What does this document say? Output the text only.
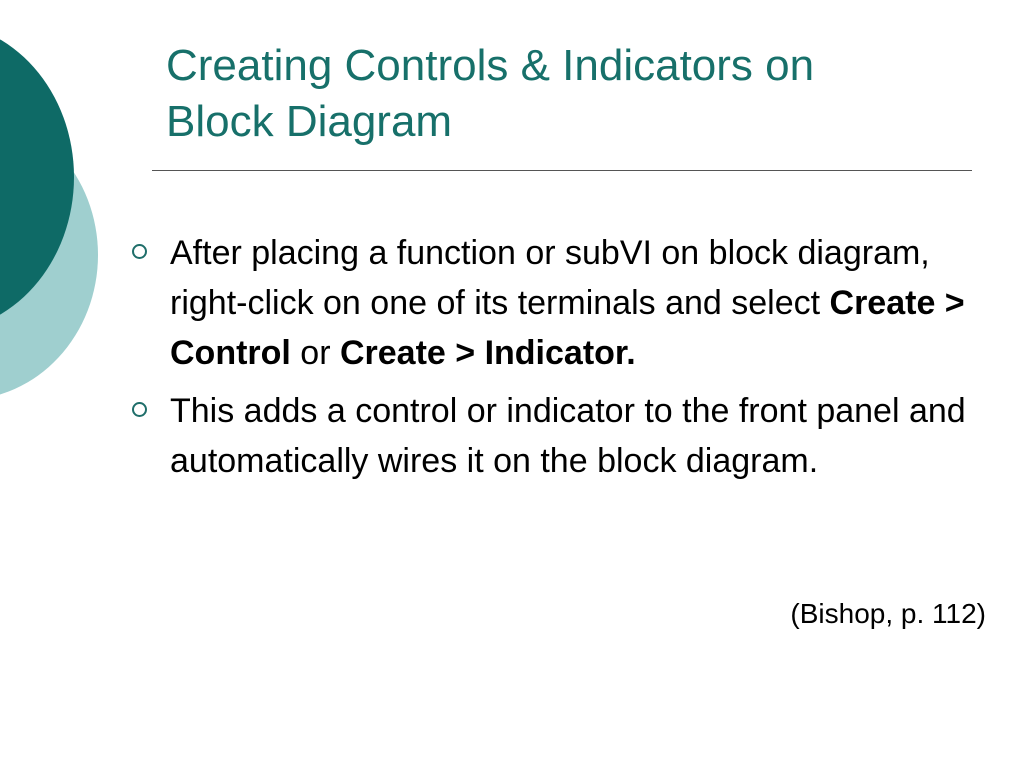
Creating Controls & Indicators on
Block Diagram
After placing a function or subVI on block diagram, right-click on one of its terminals and select Create > Control or Create > Indicator.
This adds a control or indicator to the front panel and automatically wires it on the block diagram.
(Bishop, p. 112)
